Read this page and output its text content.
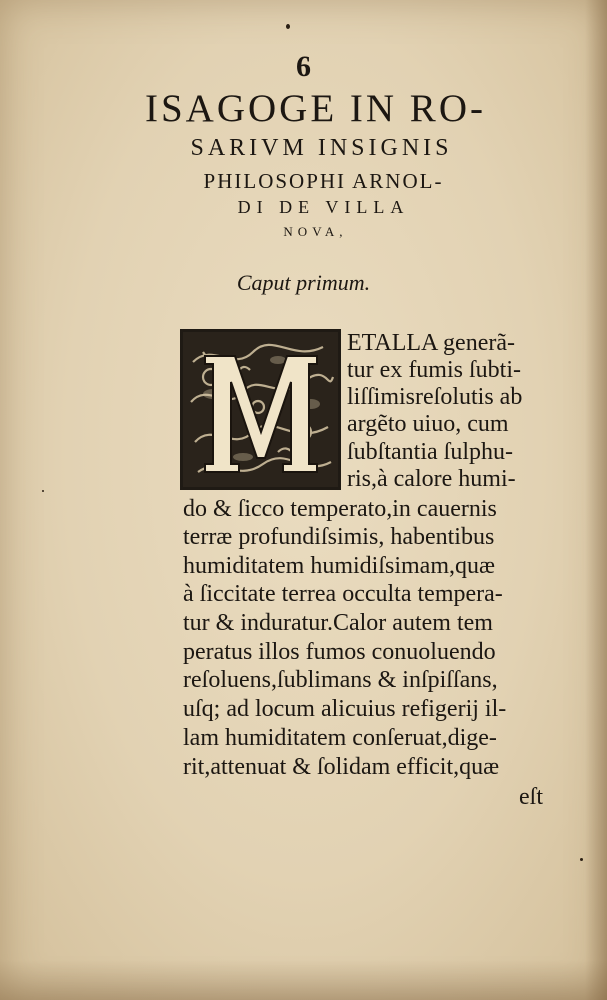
6
ISAGOGE IN RO-
SARIVM INSIGNIS
PHILOSOPHI ARNOL-
DI DE VILLA
NOVA,
Caput primum.
ETALLA generã-
tur ex fumis ſubti-
liſſimisreſolutis ab
argẽto uiuo, cum
ſubſtantia ſulphu-
ris,à calore humi-
do & ſicco temperato,in cauernis
terræ profundiſsimis, habentibus
humiditatem humidiſsimam,quæ
à ſiccitate terrea occulta tempera-
tur & induratur.Calor autem tem
peratus illos fumos conuoluendo
reſoluens,ſublimans & inſpiſſans,
uſq; ad locum alicuius refigerij il-
lam humiditatem conſeruat,dige-
rit,attenuat & ſolidam efficit,quæ
eſt
